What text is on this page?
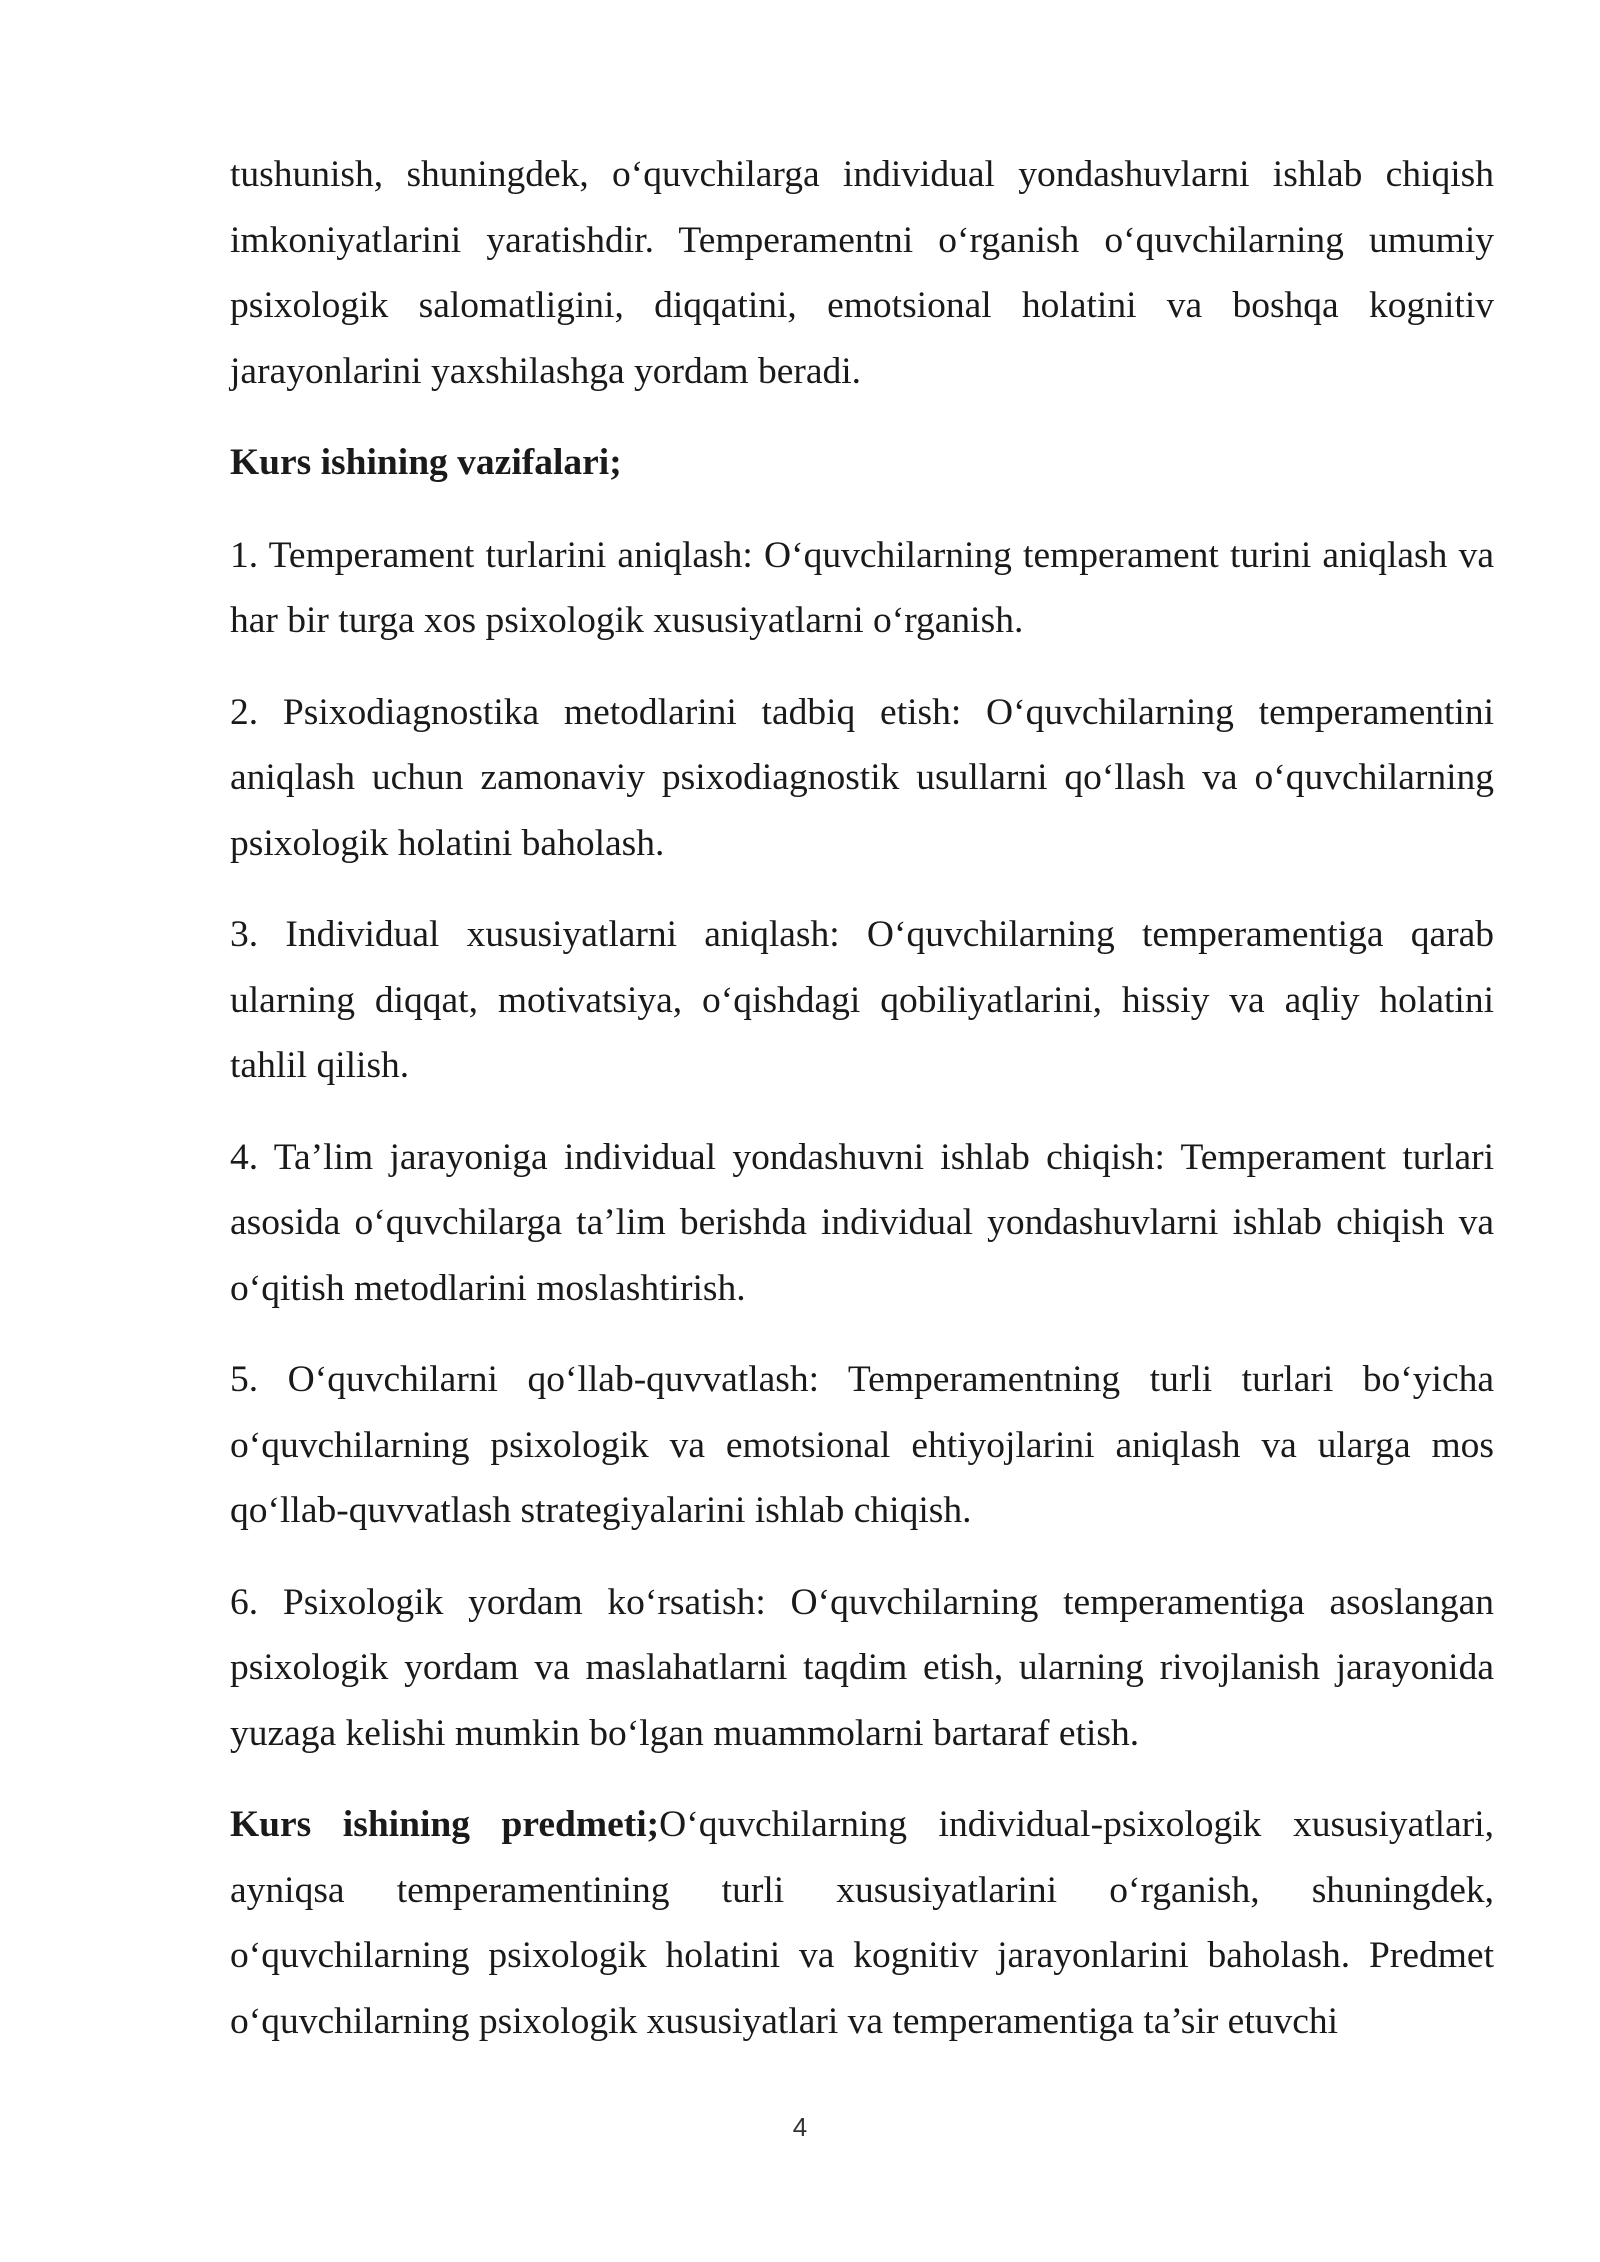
tushunish, shuningdek, o‘quvchilarga individual yondashuvlarni ishlab chiqish imkoniyatlarini yaratishdir. Temperamentni o‘rganish o‘quvchilarning umumiy psixologik salomatligini, diqqatini, emotsional holatini va boshqa kognitiv jarayonlarini yaxshilashga yordam beradi.

Kurs ishining vazifalari;

1. Temperament turlarini aniqlash: O‘quvchilarning temperament turini aniqlash va har bir turga xos psixologik xususiyatlarni o‘rganish.

2. Psixodiagnostika metodlarini tadbiq etish: O‘quvchilarning temperamentini aniqlash uchun zamonaviy psixodiagnostik usullarni qo‘llash va o‘quvchilarning psixologik holatini baholash.

3. Individual xususiyatlarni aniqlash: O‘quvchilarning temperamentiga qarab ularning diqqat, motivatsiya, o‘qishdagi qobiliyatlarini, hissiy va aqliy holatini tahlil qilish.

4. Ta’lim jarayoniga individual yondashuvni ishlab chiqish: Temperament turlari asosida o‘quvchilarga ta’lim berishda individual yondashuvlarni ishlab chiqish va o‘qitish metodlarini moslashtirish.

5. O‘quvchilarni qo‘llab-quvvatlash: Temperamentning turli turlari bo‘yicha o‘quvchilarning psixologik va emotsional ehtiyojlarini aniqlash va ularga mos qo‘llab-quvvatlash strategiyalarini ishlab chiqish.

6. Psixologik yordam ko‘rsatish: O‘quvchilarning temperamentiga asoslangan psixologik yordam va maslahatlarni taqdim etish, ularning rivojlanish jarayonida yuzaga kelishi mumkin bo‘lgan muammolarni bartaraf etish.

Kurs ishining predmeti;O‘quvchilarning individual-psixologik xususiyatlari, ayniqsa temperamentining turli xususiyatlarini o‘rganish, shuningdek, o‘quvchilarning psixologik holatini va kognitiv jarayonlarini baholash. Predmet o‘quvchilarning psixologik xususiyatlari va temperamentiga ta’sir etuvchi

4
